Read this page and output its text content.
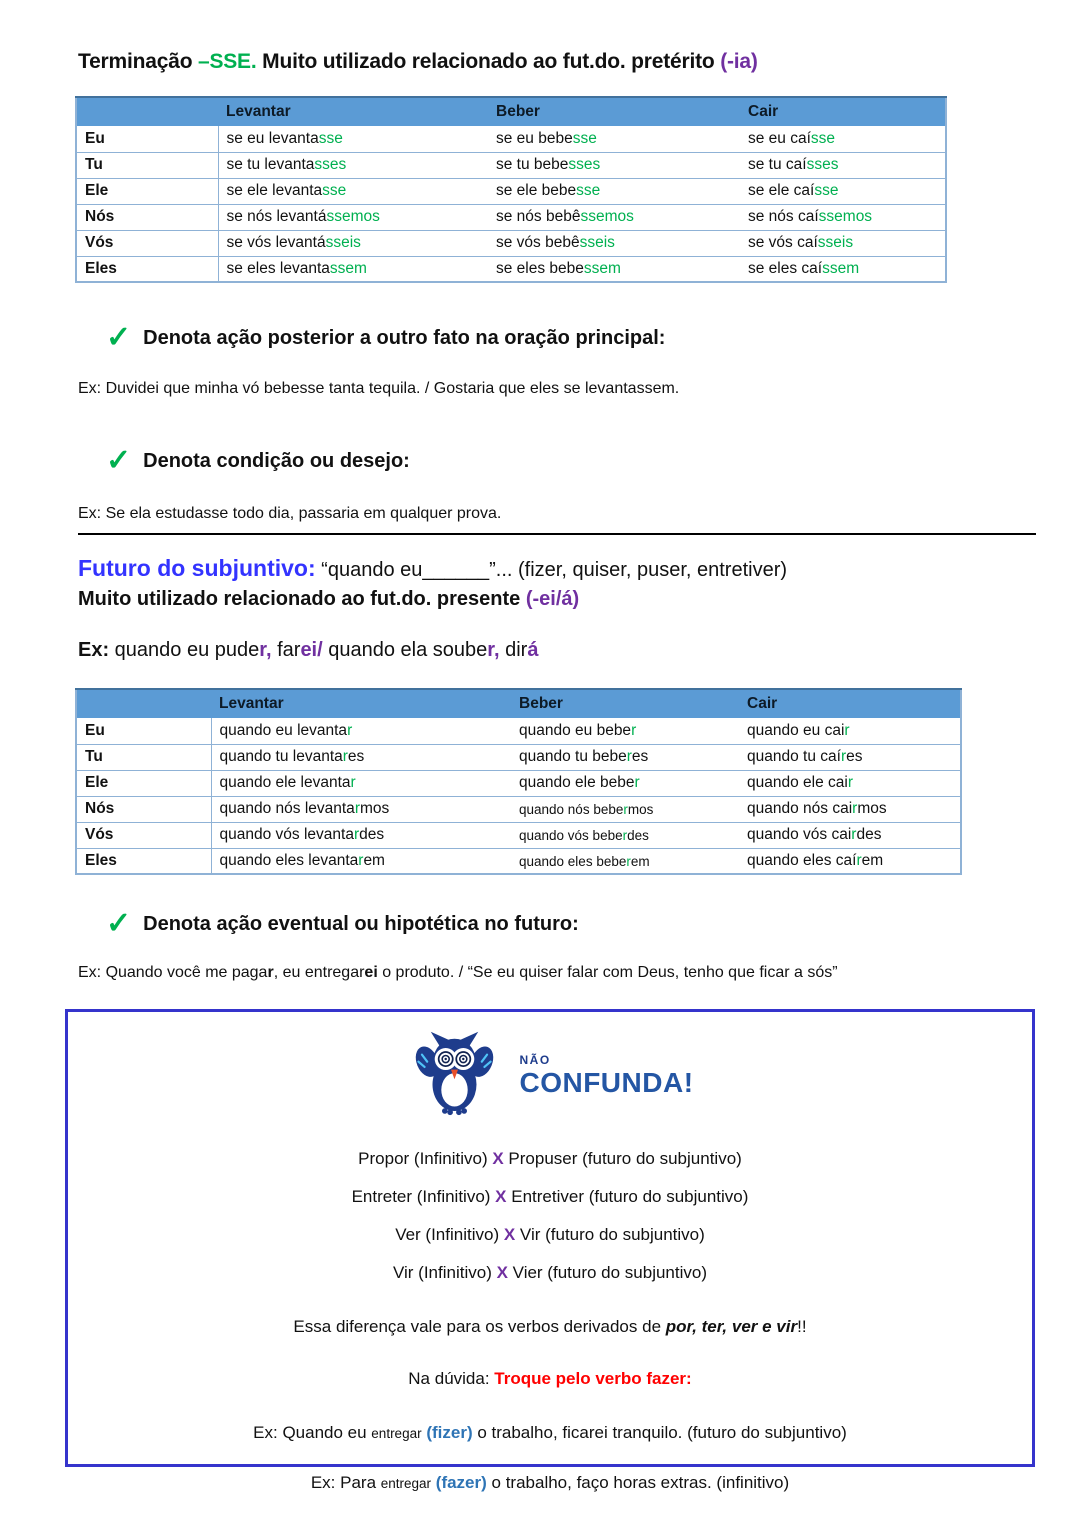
Terminação –SSE. Muito utilizado relacionado ao fut.do. pretérito (-ia)
	Levantar	Beber	Cair
Eu	se eu levantasse	se eu bebesse	se eu caísse
Tu	se tu levantasses	se tu bebesses	se tu caísses
Ele	se ele levantasse	se ele bebesse	se ele caísse
Nós	se nós levantássemos	se nós bebêssemos	se nós caíssemos
Vós	se vós levantásseis	se vós bebêsseis	se vós caísseis
Eles	se eles levantassem	se eles bebessem	se eles caíssem
✓ Denota ação posterior a outro fato na oração principal:
Ex: Duvidei que minha vó bebesse tanta tequila. / Gostaria que eles se levantassem.
✓ Denota condição ou desejo:
Ex: Se ela estudasse todo dia, passaria em qualquer prova.
Futuro do subjuntivo: “quando eu______”... (fizer, quiser, puser, entretiver)
Muito utilizado relacionado ao fut.do. presente (-ei/á)
Ex: quando eu puder, farei/ quando ela souber, dirá
	Levantar	Beber	Cair
Eu	quando eu levantar	quando eu beber	quando eu cair
Tu	quando tu levantares	quando tu beberes	quando tu caíres
Ele	quando ele levantar	quando ele beber	quando ele cair
Nós	quando nós levantarmos	quando nós bebermos	quando nós cairmos
Vós	quando vós levantardes	quando vós beberdes	quando vós cairdes
Eles	quando eles levantarem	quando eles beberem	quando eles caírem
✓ Denota ação eventual ou hipotética no futuro:
Ex: Quando você me pagar, eu entregarei o produto. / “Se eu quiser falar com Deus, tenho que ficar a sós”
NÃO
CONFUNDA!
Propor (Infinitivo) X Propuser (futuro do subjuntivo)
Entreter (Infinitivo) X Entretiver (futuro do subjuntivo)
Ver (Infinitivo) X Vir (futuro do subjuntivo)
Vir (Infinitivo) X Vier (futuro do subjuntivo)
Essa diferença vale para os verbos derivados de por, ter, ver e vir!!
Na dúvida: Troque pelo verbo fazer:
Ex: Quando eu entregar (fizer) o trabalho, ficarei tranquilo. (futuro do subjuntivo)
Ex: Para entregar (fazer) o trabalho, faço horas extras. (infinitivo)
